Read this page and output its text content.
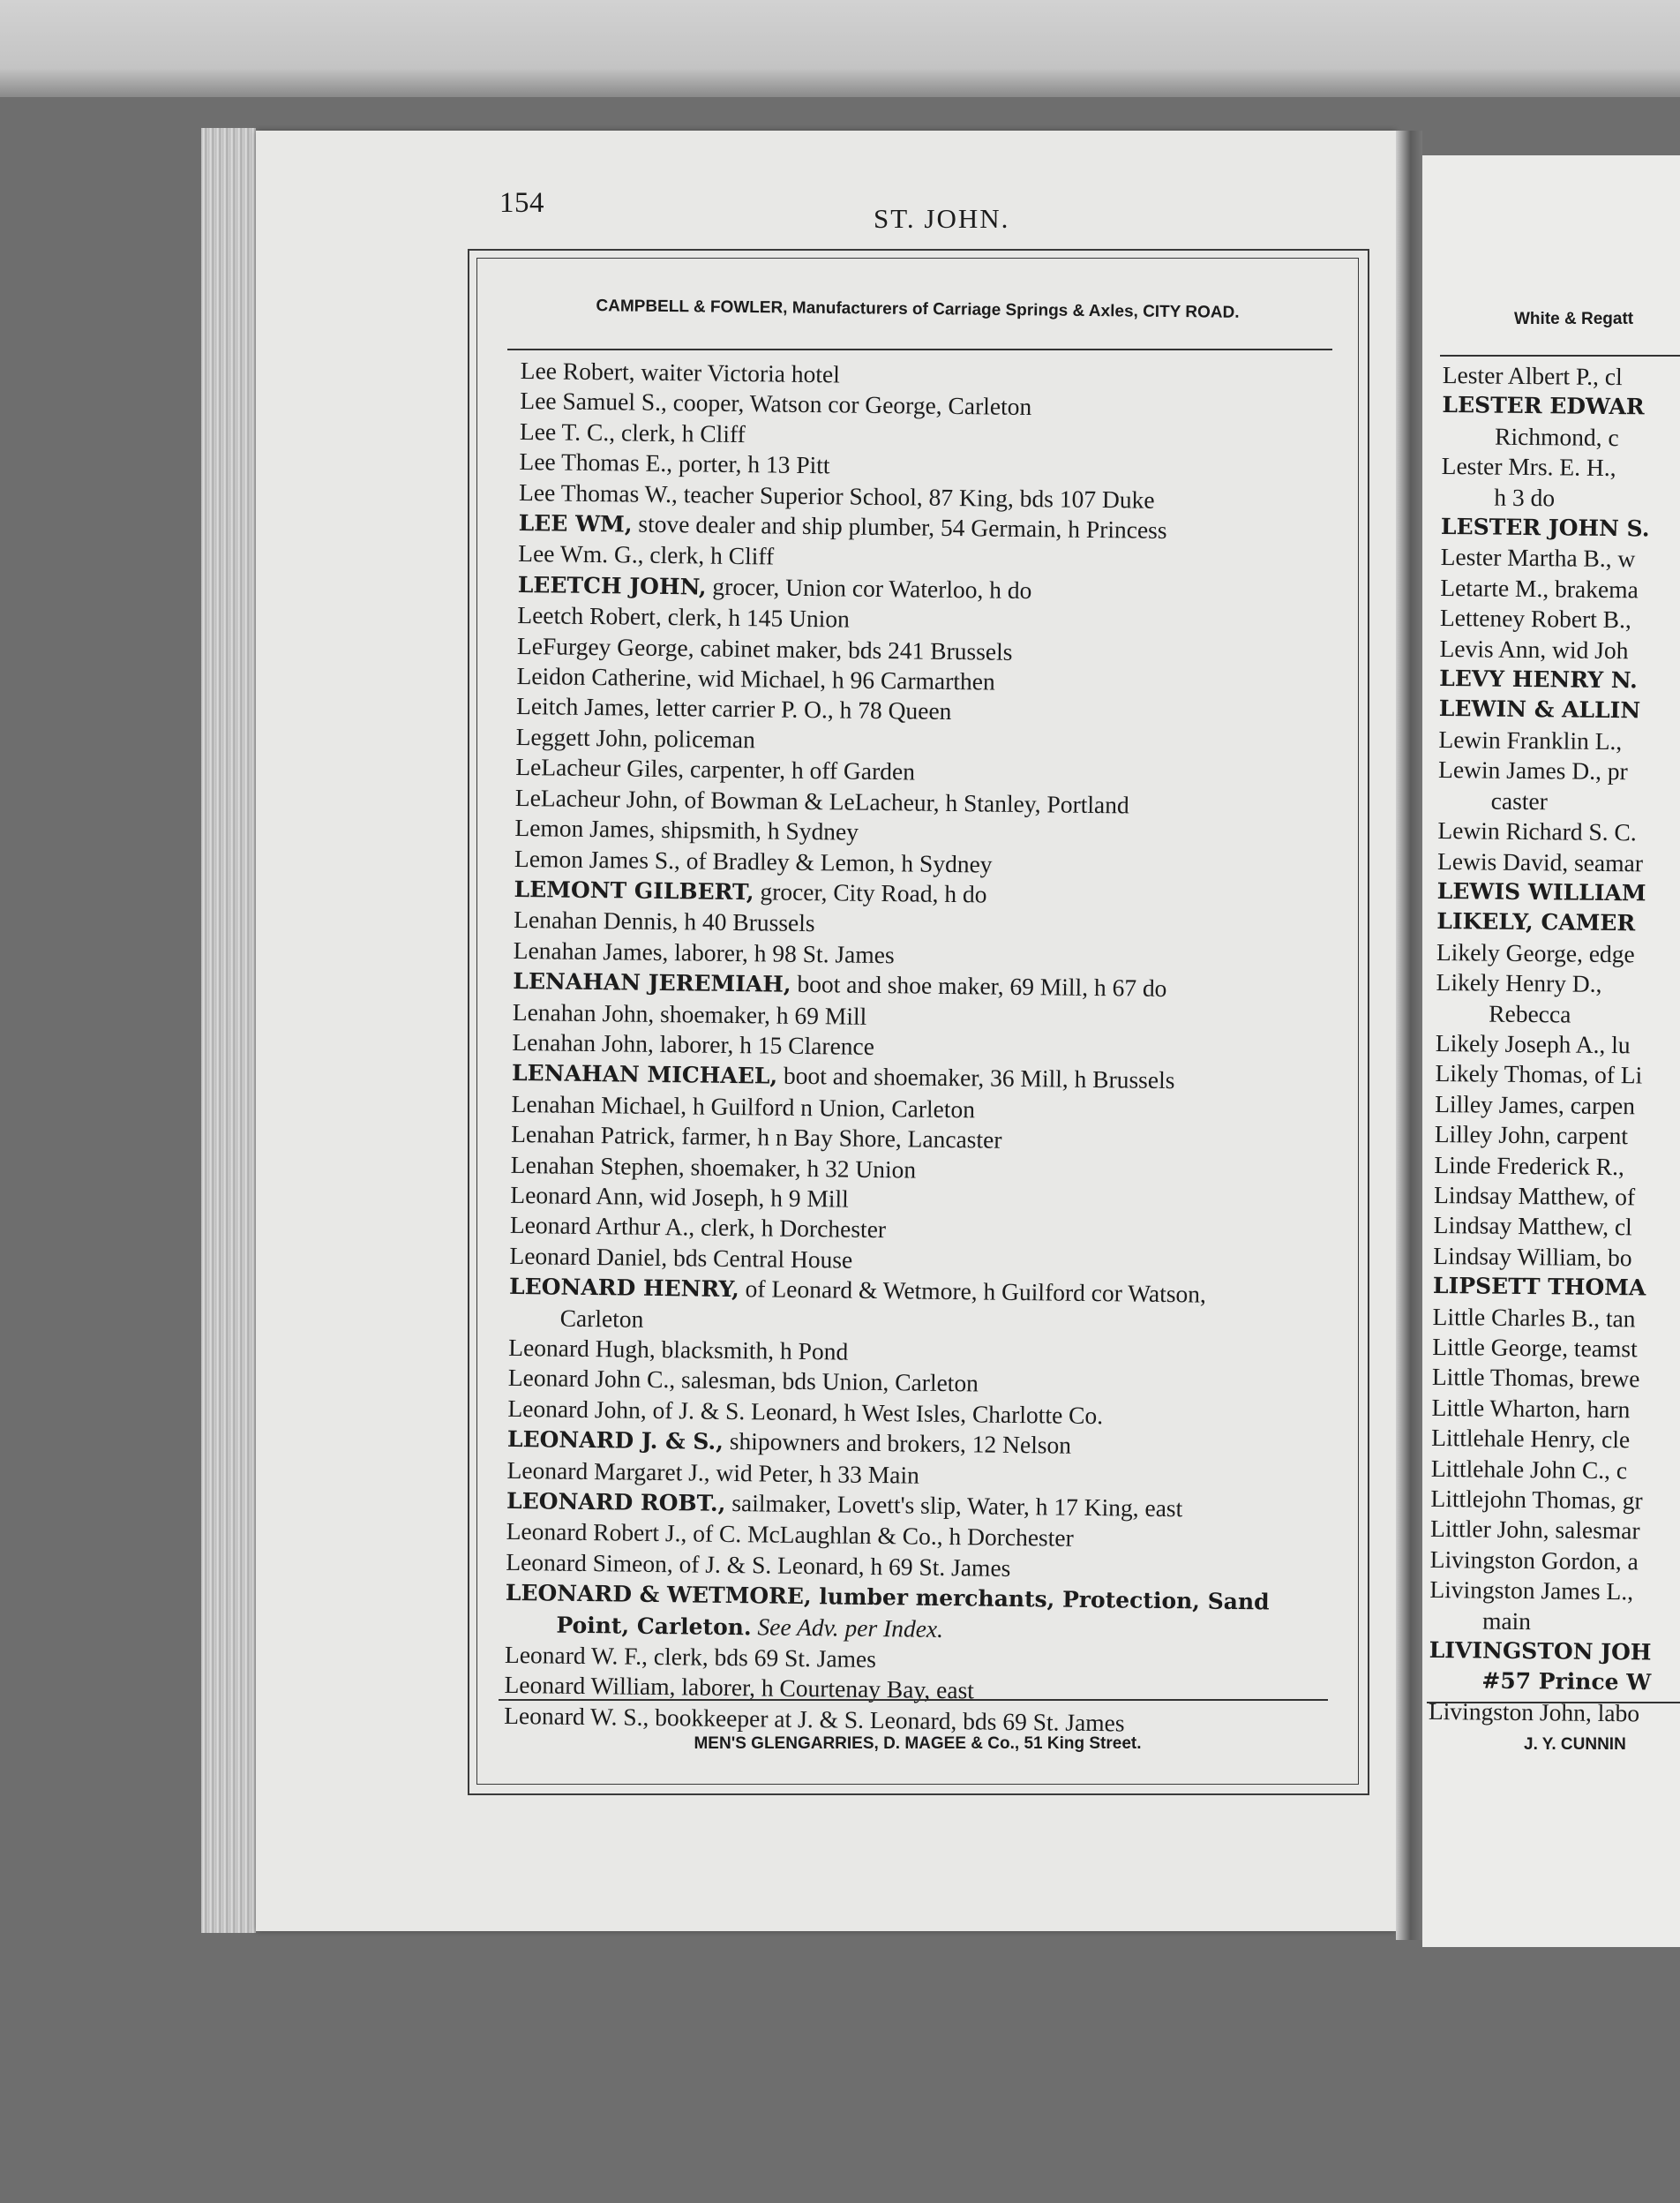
154	ST. JOHN.
CAMPBELL & FOWLER, Manufacturers of Carriage Springs & Axles, CITY ROAD.
Lee Robert, waiter Victoria hotel
Lee Samuel S., cooper, Watson cor George, Carleton
Lee T. C., clerk, h Cliff
Lee Thomas E., porter, h 13 Pitt
Lee Thomas W., teacher Superior School, 87 King, bds 107 Duke
LEE WM, stove dealer and ship plumber, 54 Germain, h Princess
Lee Wm. G., clerk, h Cliff
LEETCH JOHN, grocer, Union cor Waterloo, h do
Leetch Robert, clerk, h 145 Union
LeFurgey George, cabinet maker, bds 241 Brussels
Leidon Catherine, wid Michael, h 96 Carmarthen
Leitch James, letter carrier P. O., h 78 Queen
Leggett John, policeman
LeLacheur Giles, carpenter, h off Garden
LeLacheur John, of Bowman & LeLacheur, h Stanley, Portland
Lemon James, shipsmith, h Sydney
Lemon James S., of Bradley & Lemon, h Sydney
LEMONT GILBERT, grocer, City Road, h do
Lenahan Dennis, h 40 Brussels
Lenahan James, laborer, h 98 St. James
LENAHAN JEREMIAH, boot and shoe maker, 69 Mill, h 67 do
Lenahan John, shoemaker, h 69 Mill
Lenahan John, laborer, h 15 Clarence
LENAHAN MICHAEL, boot and shoemaker, 36 Mill, h Brussels
Lenahan Michael, h Guilford n Union, Carleton
Lenahan Patrick, farmer, h n Bay Shore, Lancaster
Lenahan Stephen, shoemaker, h 32 Union
Leonard Ann, wid Joseph, h 9 Mill
Leonard Arthur A., clerk, h Dorchester
Leonard Daniel, bds Central House
LEONARD HENRY, of Leonard & Wetmore, h Guilford cor Watson,
Carleton
Leonard Hugh, blacksmith, h Pond
Leonard John C., salesman, bds Union, Carleton
Leonard John, of J. & S. Leonard, h West Isles, Charlotte Co.
LEONARD J. & S., shipowners and brokers, 12 Nelson
Leonard Margaret J., wid Peter, h 33 Main
LEONARD ROBT., sailmaker, Lovett's slip, Water, h 17 King, east
Leonard Robert J., of C. McLaughlan & Co., h Dorchester
Leonard Simeon, of J. & S. Leonard, h 69 St. James
LEONARD & WETMORE, lumber merchants, Protection, Sand
Point, Carleton. See Adv. per Index.
Leonard W. F., clerk, bds 69 St. James
Leonard William, laborer, h Courtenay Bay, east
Leonard W. S., bookkeeper at J. & S. Leonard, bds 69 St. James
MEN'S GLENGARRIES, D. MAGEE & Co., 51 King Street.
White & Regatt
Lester Albert P., cl
LESTER EDWAR
Richmond, c
Lester Mrs. E. H.,
h 3 do
LESTER JOHN S.
Lester Martha B., w
Letarte M., brakema
Letteney Robert B.,
Levis Ann, wid Joh
LEVY HENRY N.
LEWIN & ALLIN
Lewin Franklin L.,
Lewin James D., pr
caster
Lewin Richard S. C.
Lewis David, seamar
LEWIS WILLIAM
LIKELY, CAMER
Likely George, edge
Likely Henry D.,
Rebecca
Likely Joseph A., lu
Likely Thomas, of Li
Lilley James, carpen
Lilley John, carpent
Linde Frederick R.,
Lindsay Matthew, of
Lindsay Matthew, cl
Lindsay William, bo
LIPSETT THOMA
Little Charles B., tan
Little George, teamst
Little Thomas, brewe
Little Wharton, harn
Littlehale Henry, cle
Littlehale John C., c
Littlejohn Thomas, gr
Littler John, salesmar
Livingston Gordon, a
Livingston James L.,
main
LIVINGSTON JOH
#57 Prince W
Livingston John, labo
J. Y. CUNNIN
